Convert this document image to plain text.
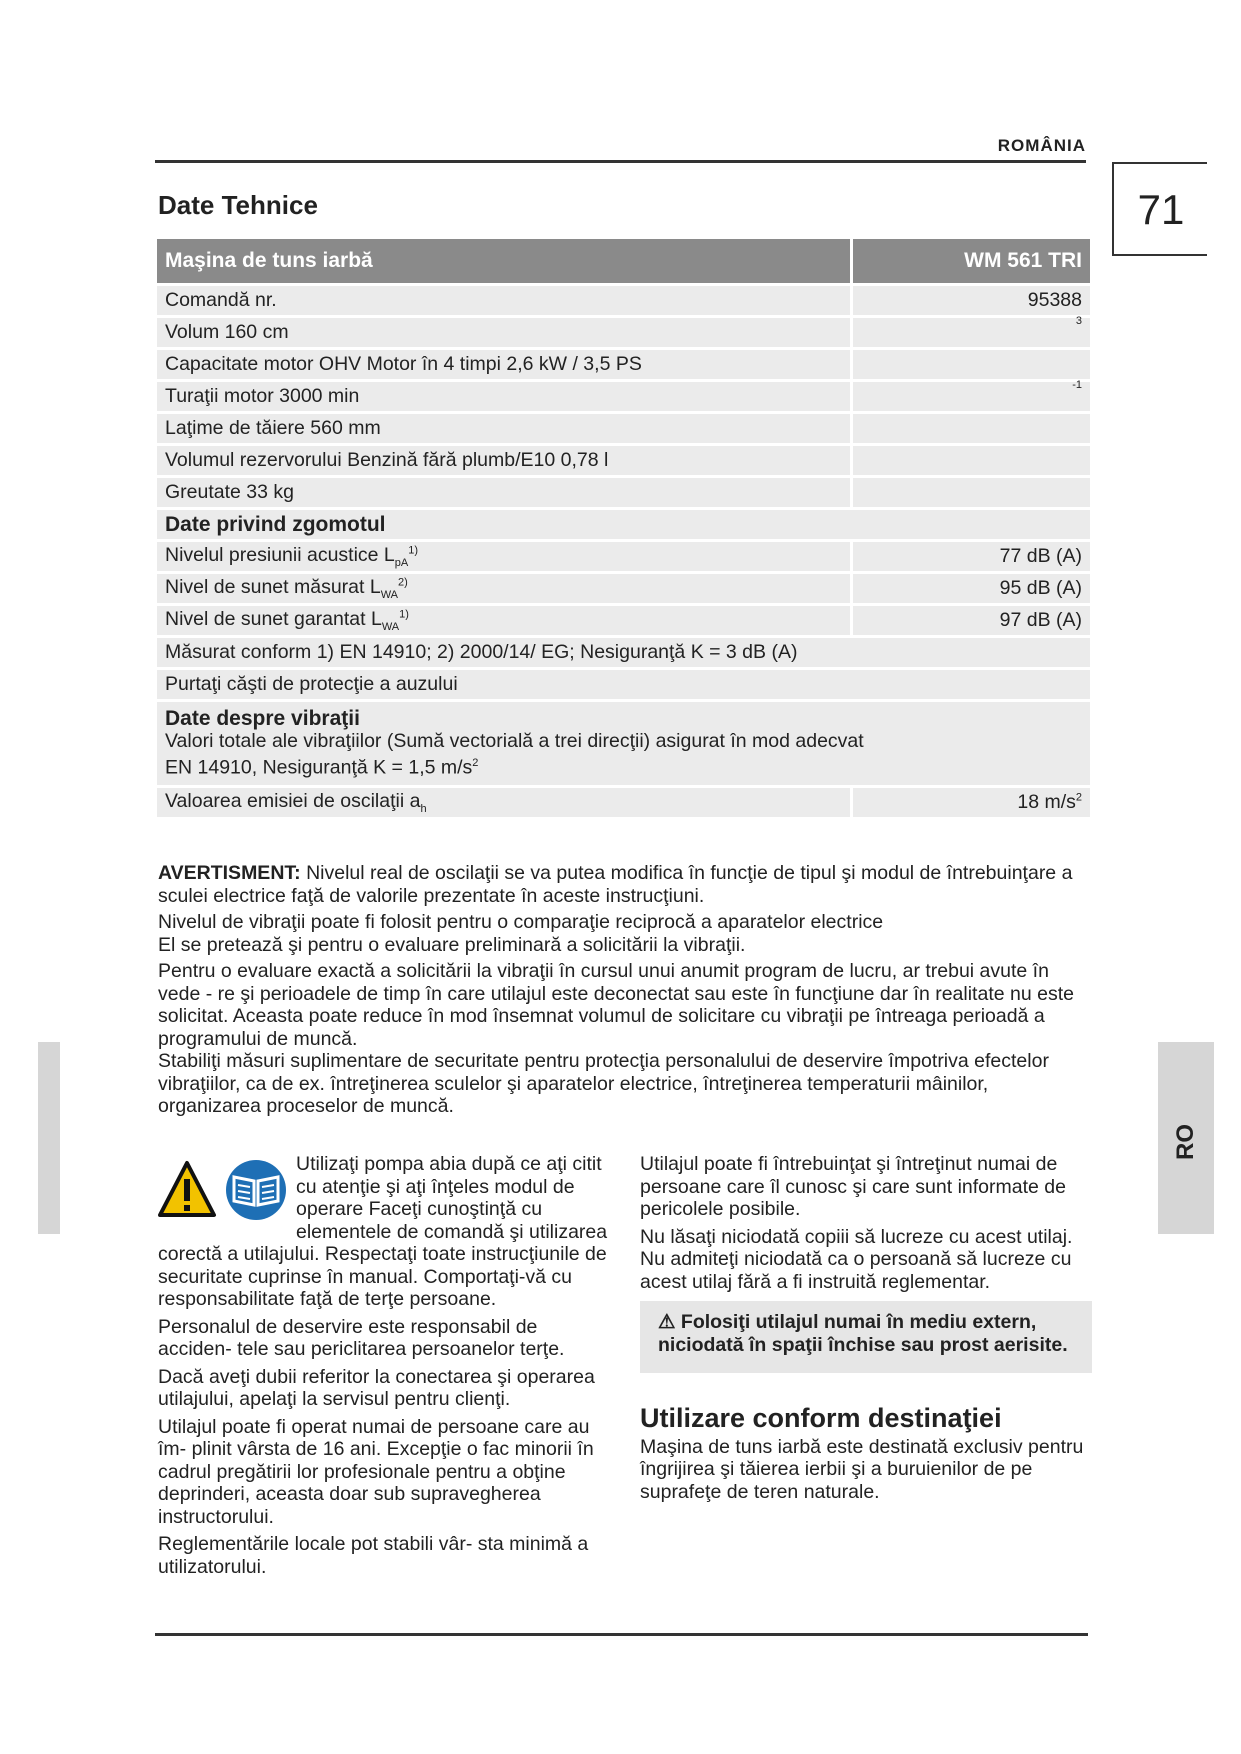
ROMÂNIA
71
Date Tehnice
Maşina de tuns iarbă	WM 561 TRI
Comandă nr.	95388
Volum 160 cm	$^3$
Capacitate motor OHV Motor în 4 timpi 2,6 kW / 3,5 PS	
Turaţii motor 3000 min	$^{-1}$
Laţime de tăiere 560 mm	
Volumul rezervorului Benzină fără plumb/E10 0,78 l	
Greutate 33 kg	
Date privind zgomotul	
Nivelul presiunii acustice $L_{pA}^{1)}$	77 dB (A)
Nivel de sunet măsurat $L_{WA}^{2)}$	95 dB (A)
Nivel de sunet garantat $L_{WA}^{1)}$	97 dB (A)
Măsurat conform 1) EN 14910; 2) 2000/14/ EG; Nesiguranţă K = 3 dB (A)	
Purtaţi căşti de protecţie a auzului	

Date despre vibraţii
Valori totale ale vibraţiilor (Sumă vectorială a trei direcţii) asigurat în mod adecvat
EN 14910, Nesiguranţă K = 1,5 $m/s^2$

Valoarea emisiei de oscilaţii $a_h$	18 $m/s^2$

AVERTISMENT: Nivelul real de oscilaţii se va putea modifica în funcţie de tipul şi modul de întrebuinţare a sculei electrice faţă de valorile prezentate în aceste instrucţiuni.

Nivelul de vibraţii poate fi folosit pentru o comparaţie reciprocă a aparatelor electrice

El se pretează şi pentru o evaluare preliminară a solicitării la vibraţii.

Pentru o evaluare exactă a solicitării la vibraţii în cursul unui anumit program de lucru, ar trebui avute în vede - re şi perioadele de timp în care utilajul este deconectat sau este în funcţiune dar în realitate nu este solicitat. Aceasta poate reduce în mod însemnat volumul de solicitare cu vibraţii pe întreaga perioadă a programului de muncă.

Stabiliţi măsuri suplimentare de securitate pentru protecţia personalului de deservire împotriva efectelor vibraţiilor, ca de ex. întreţinerea sculelor şi aparatelor electrice, întreţinerea temperaturii mâinilor, organizarea proceselor de muncă.

Utilizaţi pompa abia după ce aţi citit cu atenţie şi aţi înţeles modul de operare Faceţi cunoştinţă cu elementele de comandă şi utilizarea corectă a utilajului. Respectaţi toate instrucţiunile de securitate cuprinse în manual. Comportaţi-vă cu responsabilitate faţă de terţe persoane.

Personalul de deservire este responsabil de acciden- tele sau periclitarea persoanelor terţe.

Dacă aveţi dubii referitor la conectarea şi operarea utilajului, apelaţi la servisul pentru clienţi.

Utilajul poate fi operat numai de persoane care au îm- plinit vârsta de 16 ani. Excepţie o fac minorii în cadrul pregătirii lor profesionale pentru a obţine deprinderi, aceasta doar sub supravegherea instructorului.

Reglementările locale pot stabili vâr- sta minimă a utilizatorului.

Utilajul poate fi întrebuinţat şi întreţinut numai de persoane care îl cunosc şi care sunt informate de pericolele posibile.

Nu lăsaţi niciodată copiii să lucreze cu acest utilaj. Nu admiteţi niciodată ca o persoană să lucreze cu acest utilaj fără a fi instruită reglementar.

⚠ Folosiţi utilajul numai în mediu extern, niciodată în spaţii închise sau prost aerisite.
Utilizare conform destinaţiei

Maşina de tuns iarbă este destinată exclusiv pentru îngrijirea şi tăierea ierbii şi a buruienilor de pe suprafeţe de teren naturale.

RO
